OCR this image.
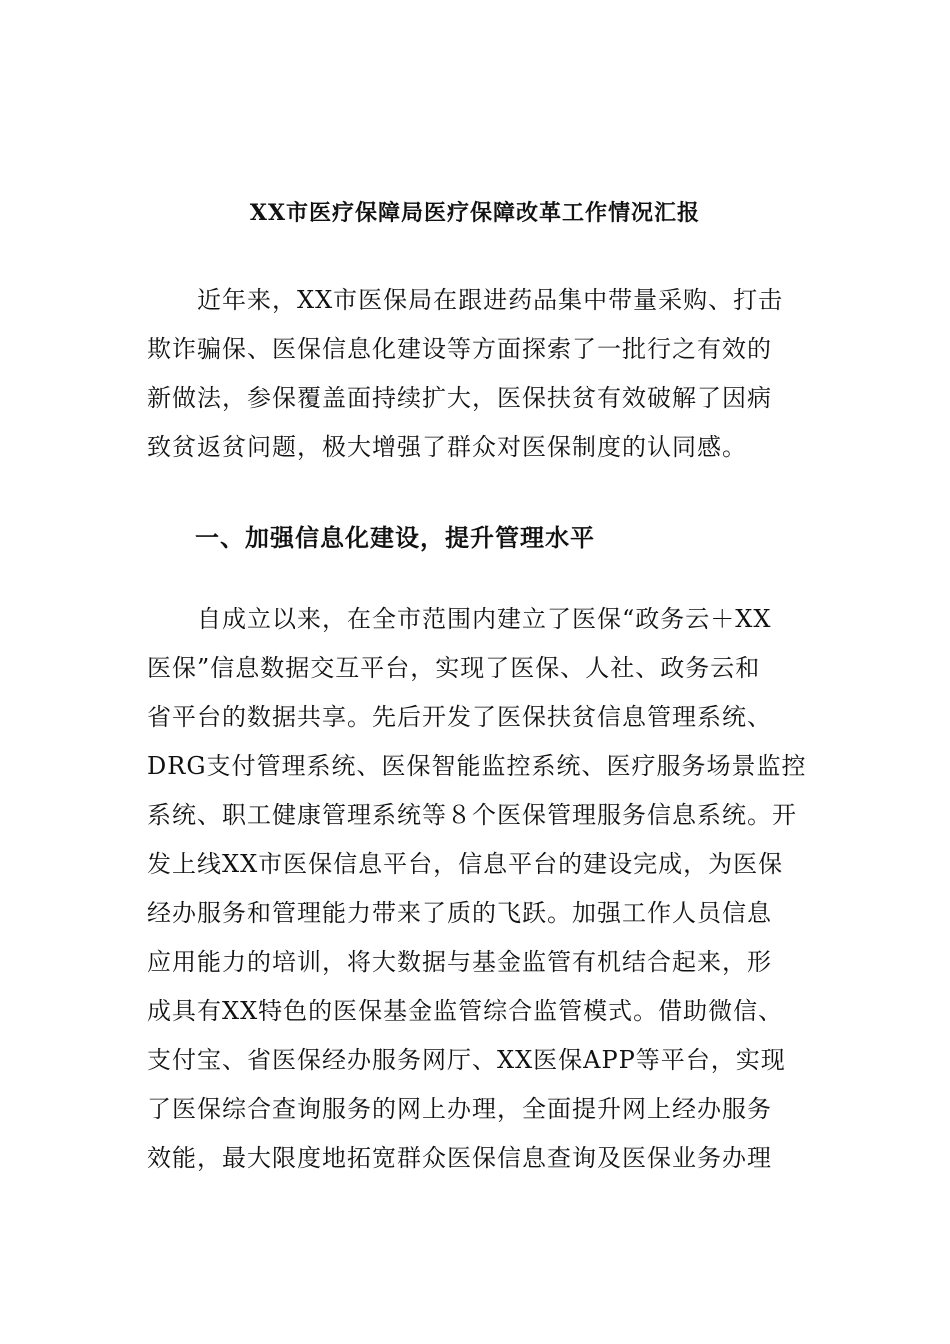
XX市医疗保障局医疗保障改革工作情况汇报
近年来，XX市医保局在跟进药品集中带量采购、打击
欺诈骗保、医保信息化建设等方面探索了一批行之有效的
新做法，参保覆盖面持续扩大，医保扶贫有效破解了因病
致贫返贫问题，极大增强了群众对医保制度的认同感。
一、加强信息化建设，提升管理水平
自成立以来，在全市范围内建立了医保“政务云＋XX
医保”信息数据交互平台，实现了医保、人社、政务云和
省平台的数据共享。先后开发了医保扶贫信息管理系统、
DRG支付管理系统、医保智能监控系统、医疗服务场景监控
系统、职工健康管理系统等８个医保管理服务信息系统。开
发上线XX市医保信息平台，信息平台的建设完成，为医保
经办服务和管理能力带来了质的飞跃。加强工作人员信息
应用能力的培训，将大数据与基金监管有机结合起来，形
成具有XX特色的医保基金监管综合监管模式。借助微信、
支付宝、省医保经办服务网厅、XX医保APP等平台，实现
了医保综合查询服务的网上办理，全面提升网上经办服务
效能，最大限度地拓宽群众医保信息查询及医保业务办理
